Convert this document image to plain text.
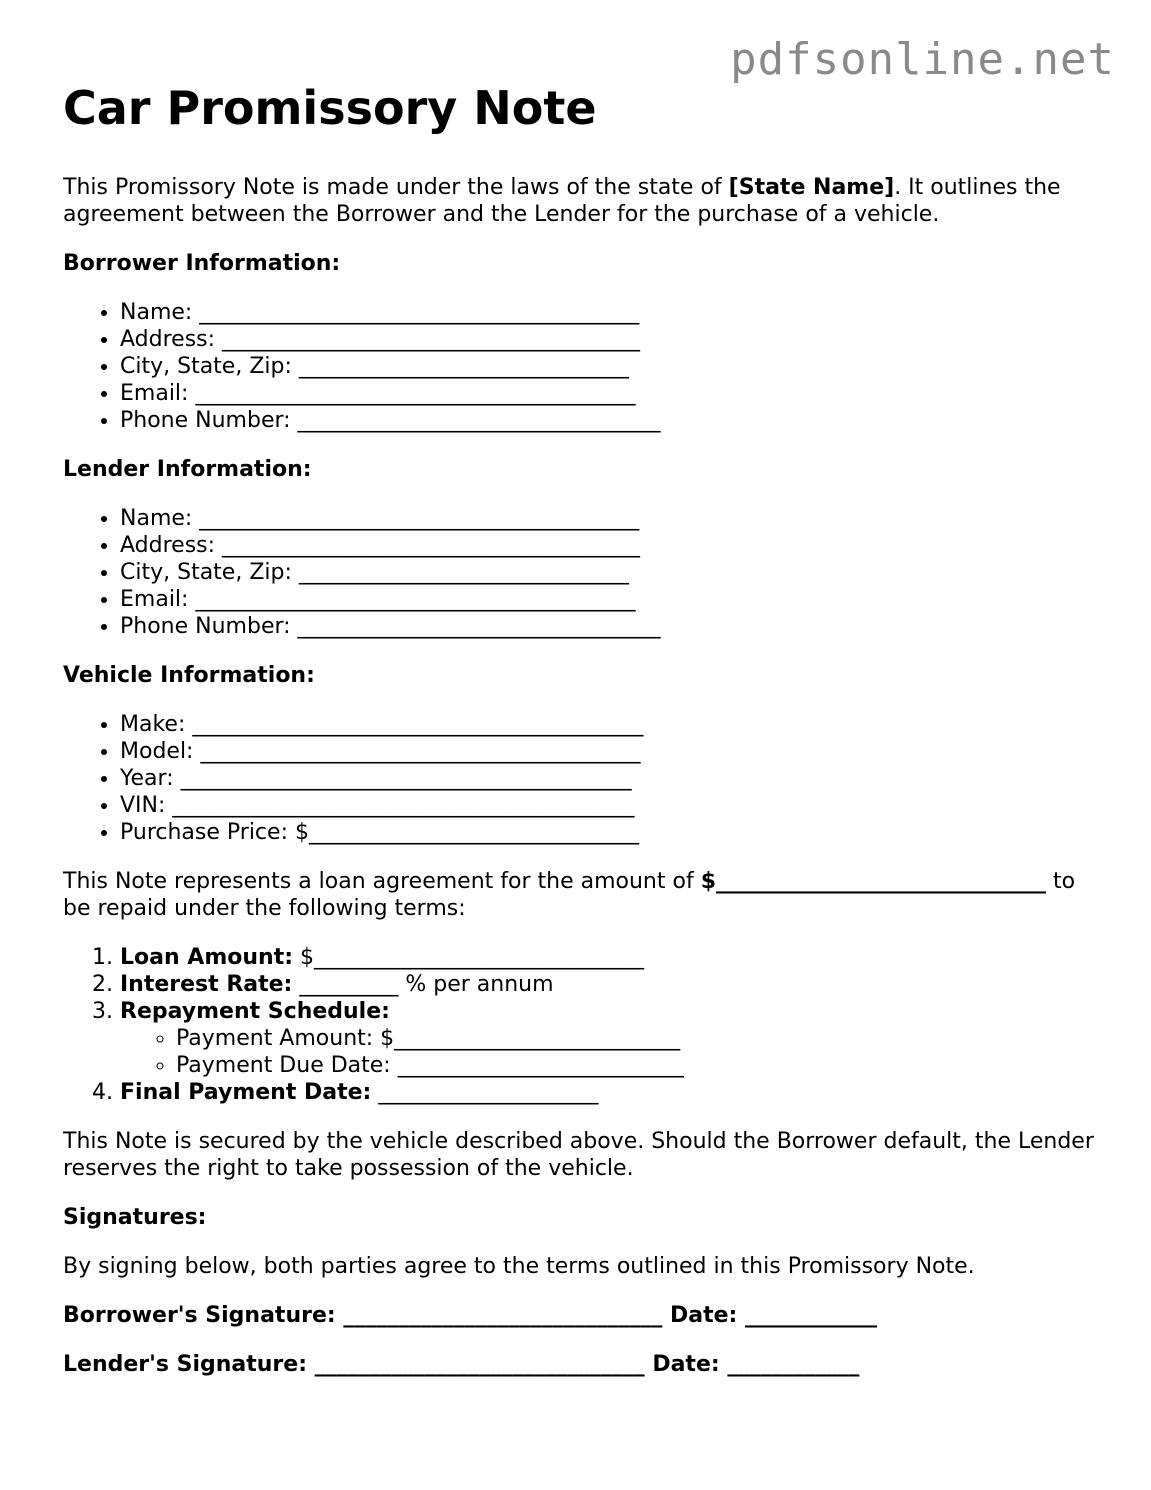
pdfsonline.net
Car Promissory Note

This Promissory Note is made under the laws of the state of [State Name]. It outlines the agreement between the Borrower and the Lender for the purchase of a vehicle.

Borrower Information:
• Name: ________________________________________
• Address: ______________________________________
• City, State, Zip: ______________________________
• Email: ________________________________________
• Phone Number: _________________________________
Lender Information:
• Name: ________________________________________
• Address: ______________________________________
• City, State, Zip: ______________________________
• Email: ________________________________________
• Phone Number: _________________________________
Vehicle Information:
• Make: _________________________________________
• Model: ________________________________________
• Year: _________________________________________
• VIN: __________________________________________
• Purchase Price: $______________________________

This Note represents a loan agreement for the amount of $______________________________ to be repaid under the following terms:

1. Loan Amount: $______________________________
2. Interest Rate: _________ % per annum
3. Repayment Schedule:
◦ Payment Amount: $__________________________
◦ Payment Due Date: __________________________
4. Final Payment Date: ____________________

This Note is secured by the vehicle described above. Should the Borrower default, the Lender reserves the right to take possession of the vehicle.

Signatures:

By signing below, both parties agree to the terms outlined in this Promissory Note.

Borrower's Signature: _____________________________ Date: ____________
Lender's Signature: ______________________________ Date: ____________
